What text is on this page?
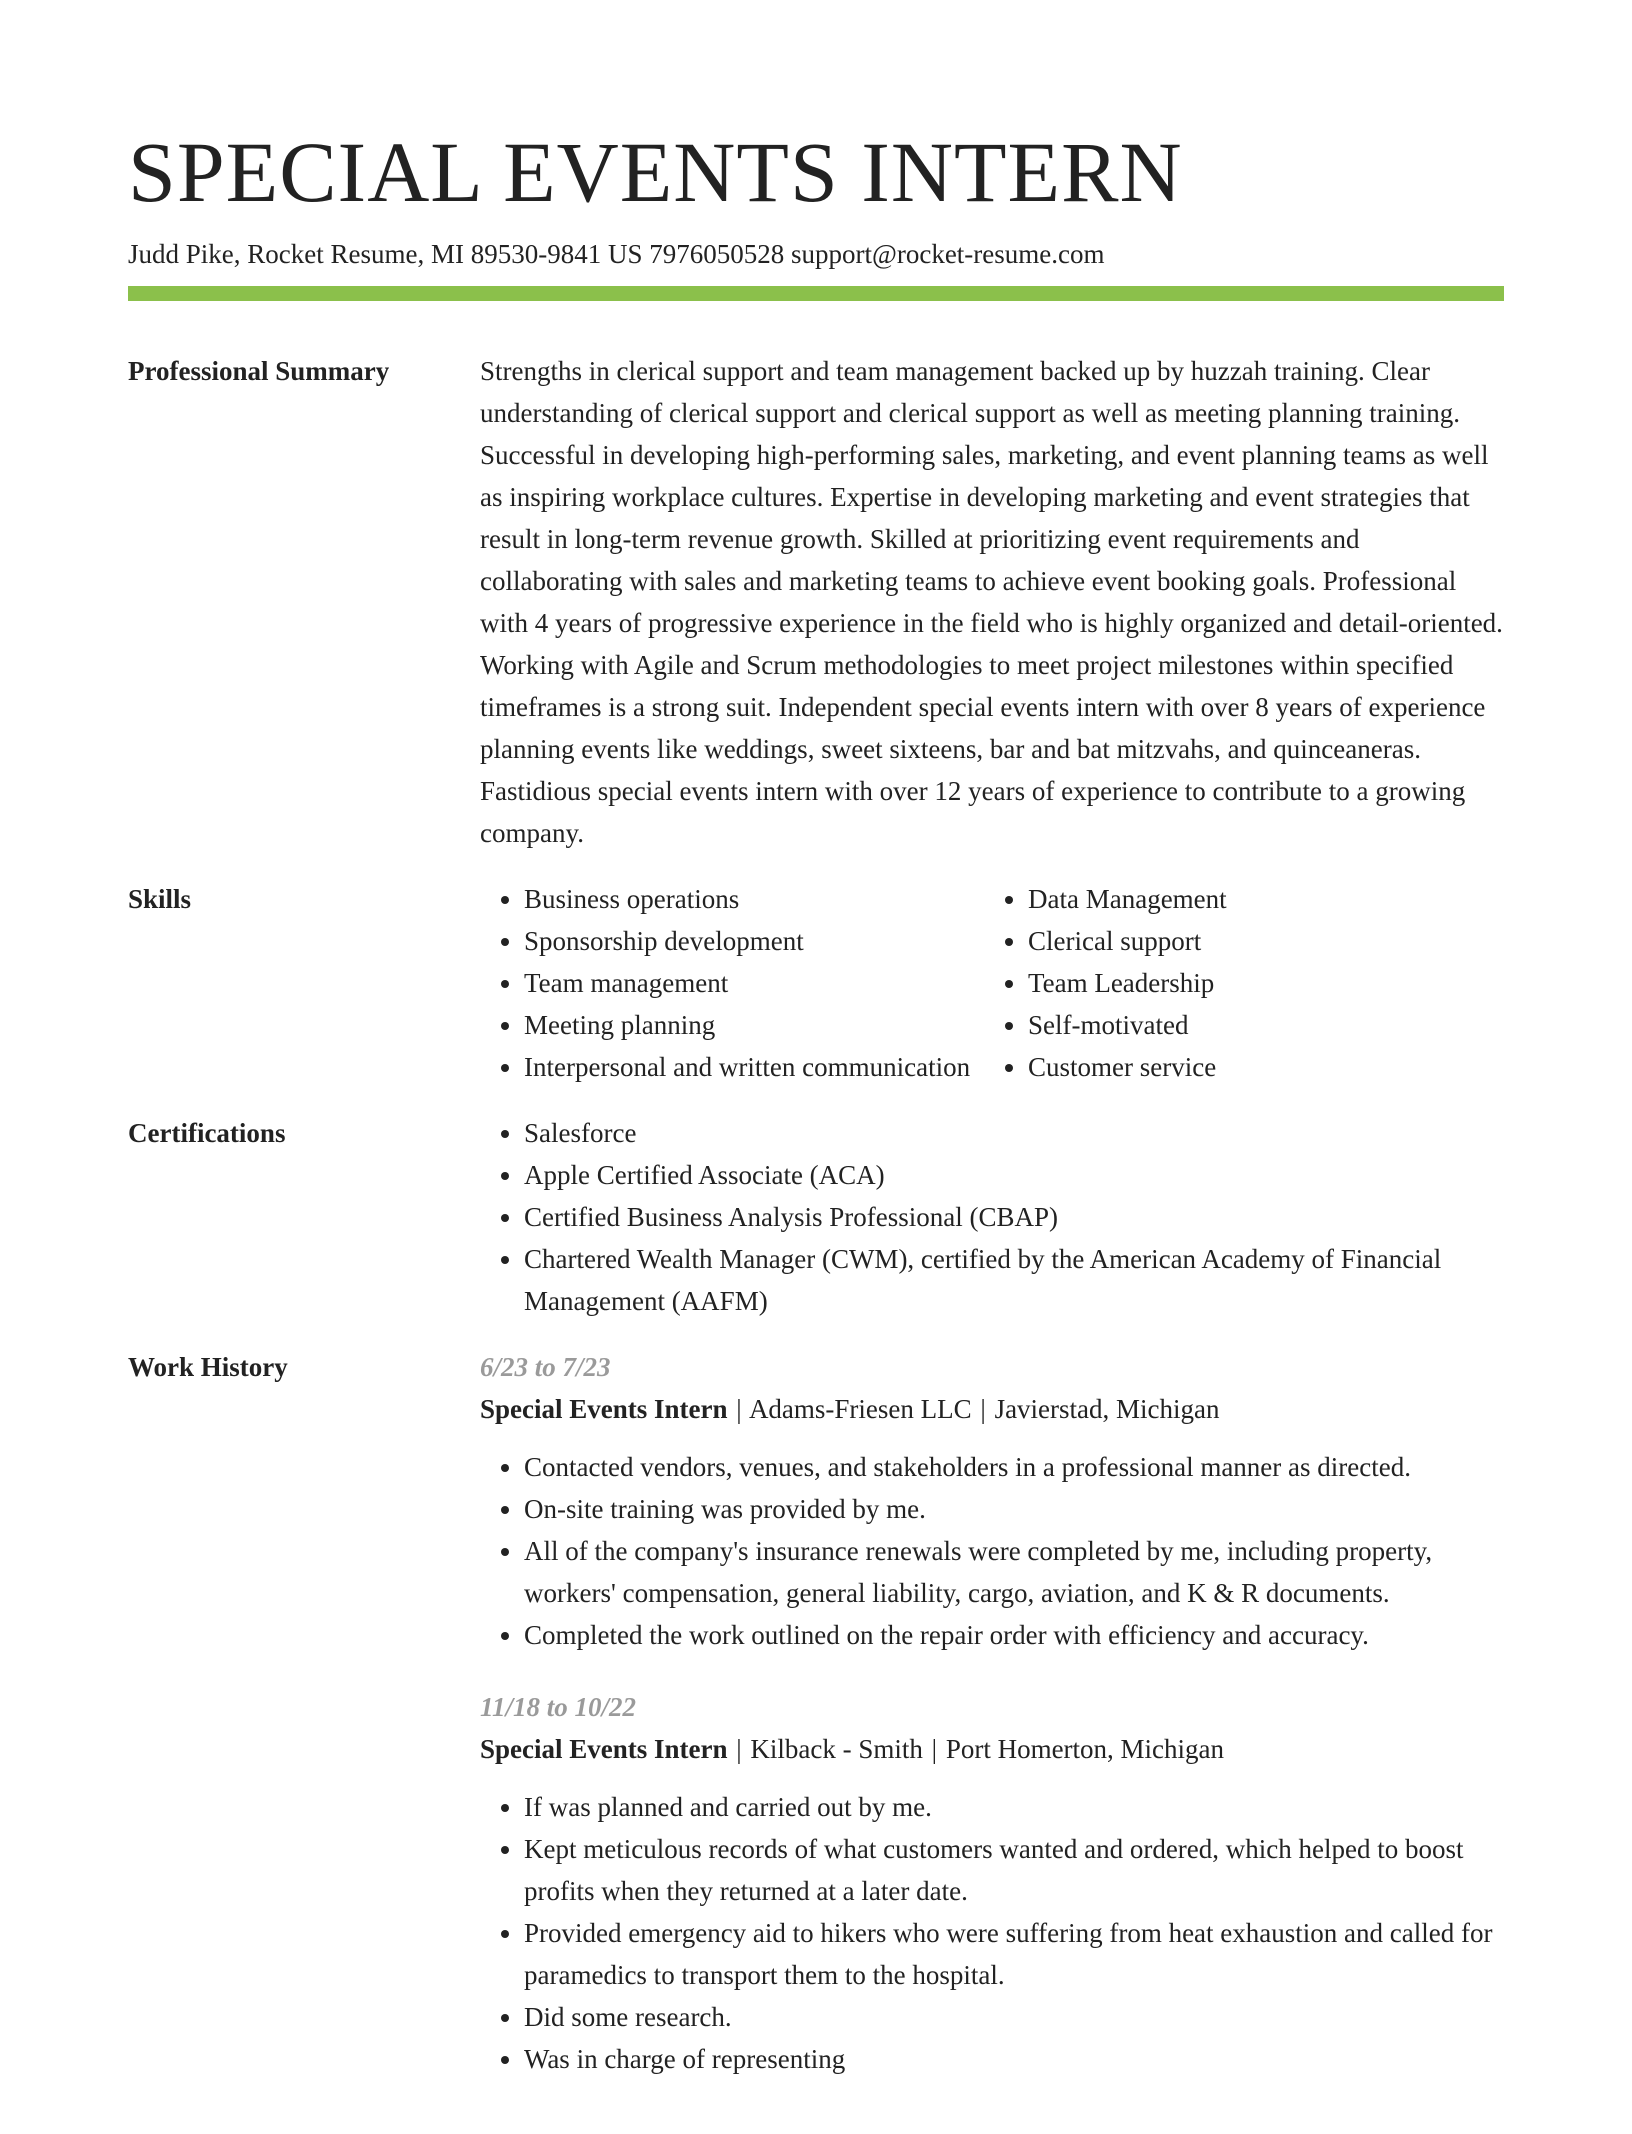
SPECIAL EVENTS INTERN
Judd Pike, Rocket Resume, MI 89530-9841 US 7976050528 support@rocket-resume.com
Professional Summary	Strengths in clerical support and team management backed up by huzzah training. Clear understanding of clerical support and clerical support as well as meeting planning training. Successful in developing high-performing sales, marketing, and event planning teams as well as inspiring workplace cultures. Expertise in developing marketing and event strategies that result in long-term revenue growth. Skilled at prioritizing event requirements and collaborating with sales and marketing teams to achieve event booking goals. Professional with 4 years of progressive experience in the field who is highly organized and detail-oriented. Working with Agile and Scrum methodologies to meet project milestones within specified timeframes is a strong suit. Independent special events intern with over 8 years of experience planning events like weddings, sweet sixteens, bar and bat mitzvahs, and quinceaneras. Fastidious special events intern with over 12 years of experience to contribute to a growing company.

Skills	• Business operations
• Sponsorship development
• Team management
• Meeting planning
• Interpersonal and written communication
• Data Management
• Clerical support
• Team Leadership
• Self-motivated
• Customer service
Certifications	• Salesforce
• Apple Certified Associate (ACA)
• Certified Business Analysis Professional (CBAP)
• Chartered Wealth Manager (CWM), certified by the American Academy of Financial Management (AAFM)
Work History	6/23 to 7/23
Special Events Intern | Adams-Friesen LLC | Javierstad, Michigan
• Contacted vendors, venues, and stakeholders in a professional manner as directed.
• On-site training was provided by me.
• All of the company's insurance renewals were completed by me, including property, workers' compensation, general liability, cargo, aviation, and K & R documents.
• Completed the work outlined on the repair order with efficiency and accuracy.
11/18 to 10/22
Special Events Intern | Kilback - Smith | Port Homerton, Michigan
• If was planned and carried out by me.
• Kept meticulous records of what customers wanted and ordered, which helped to boost profits when they returned at a later date.
• Provided emergency aid to hikers who were suffering from heat exhaustion and called for paramedics to transport them to the hospital.
• Did some research.
• Was in charge of representing
